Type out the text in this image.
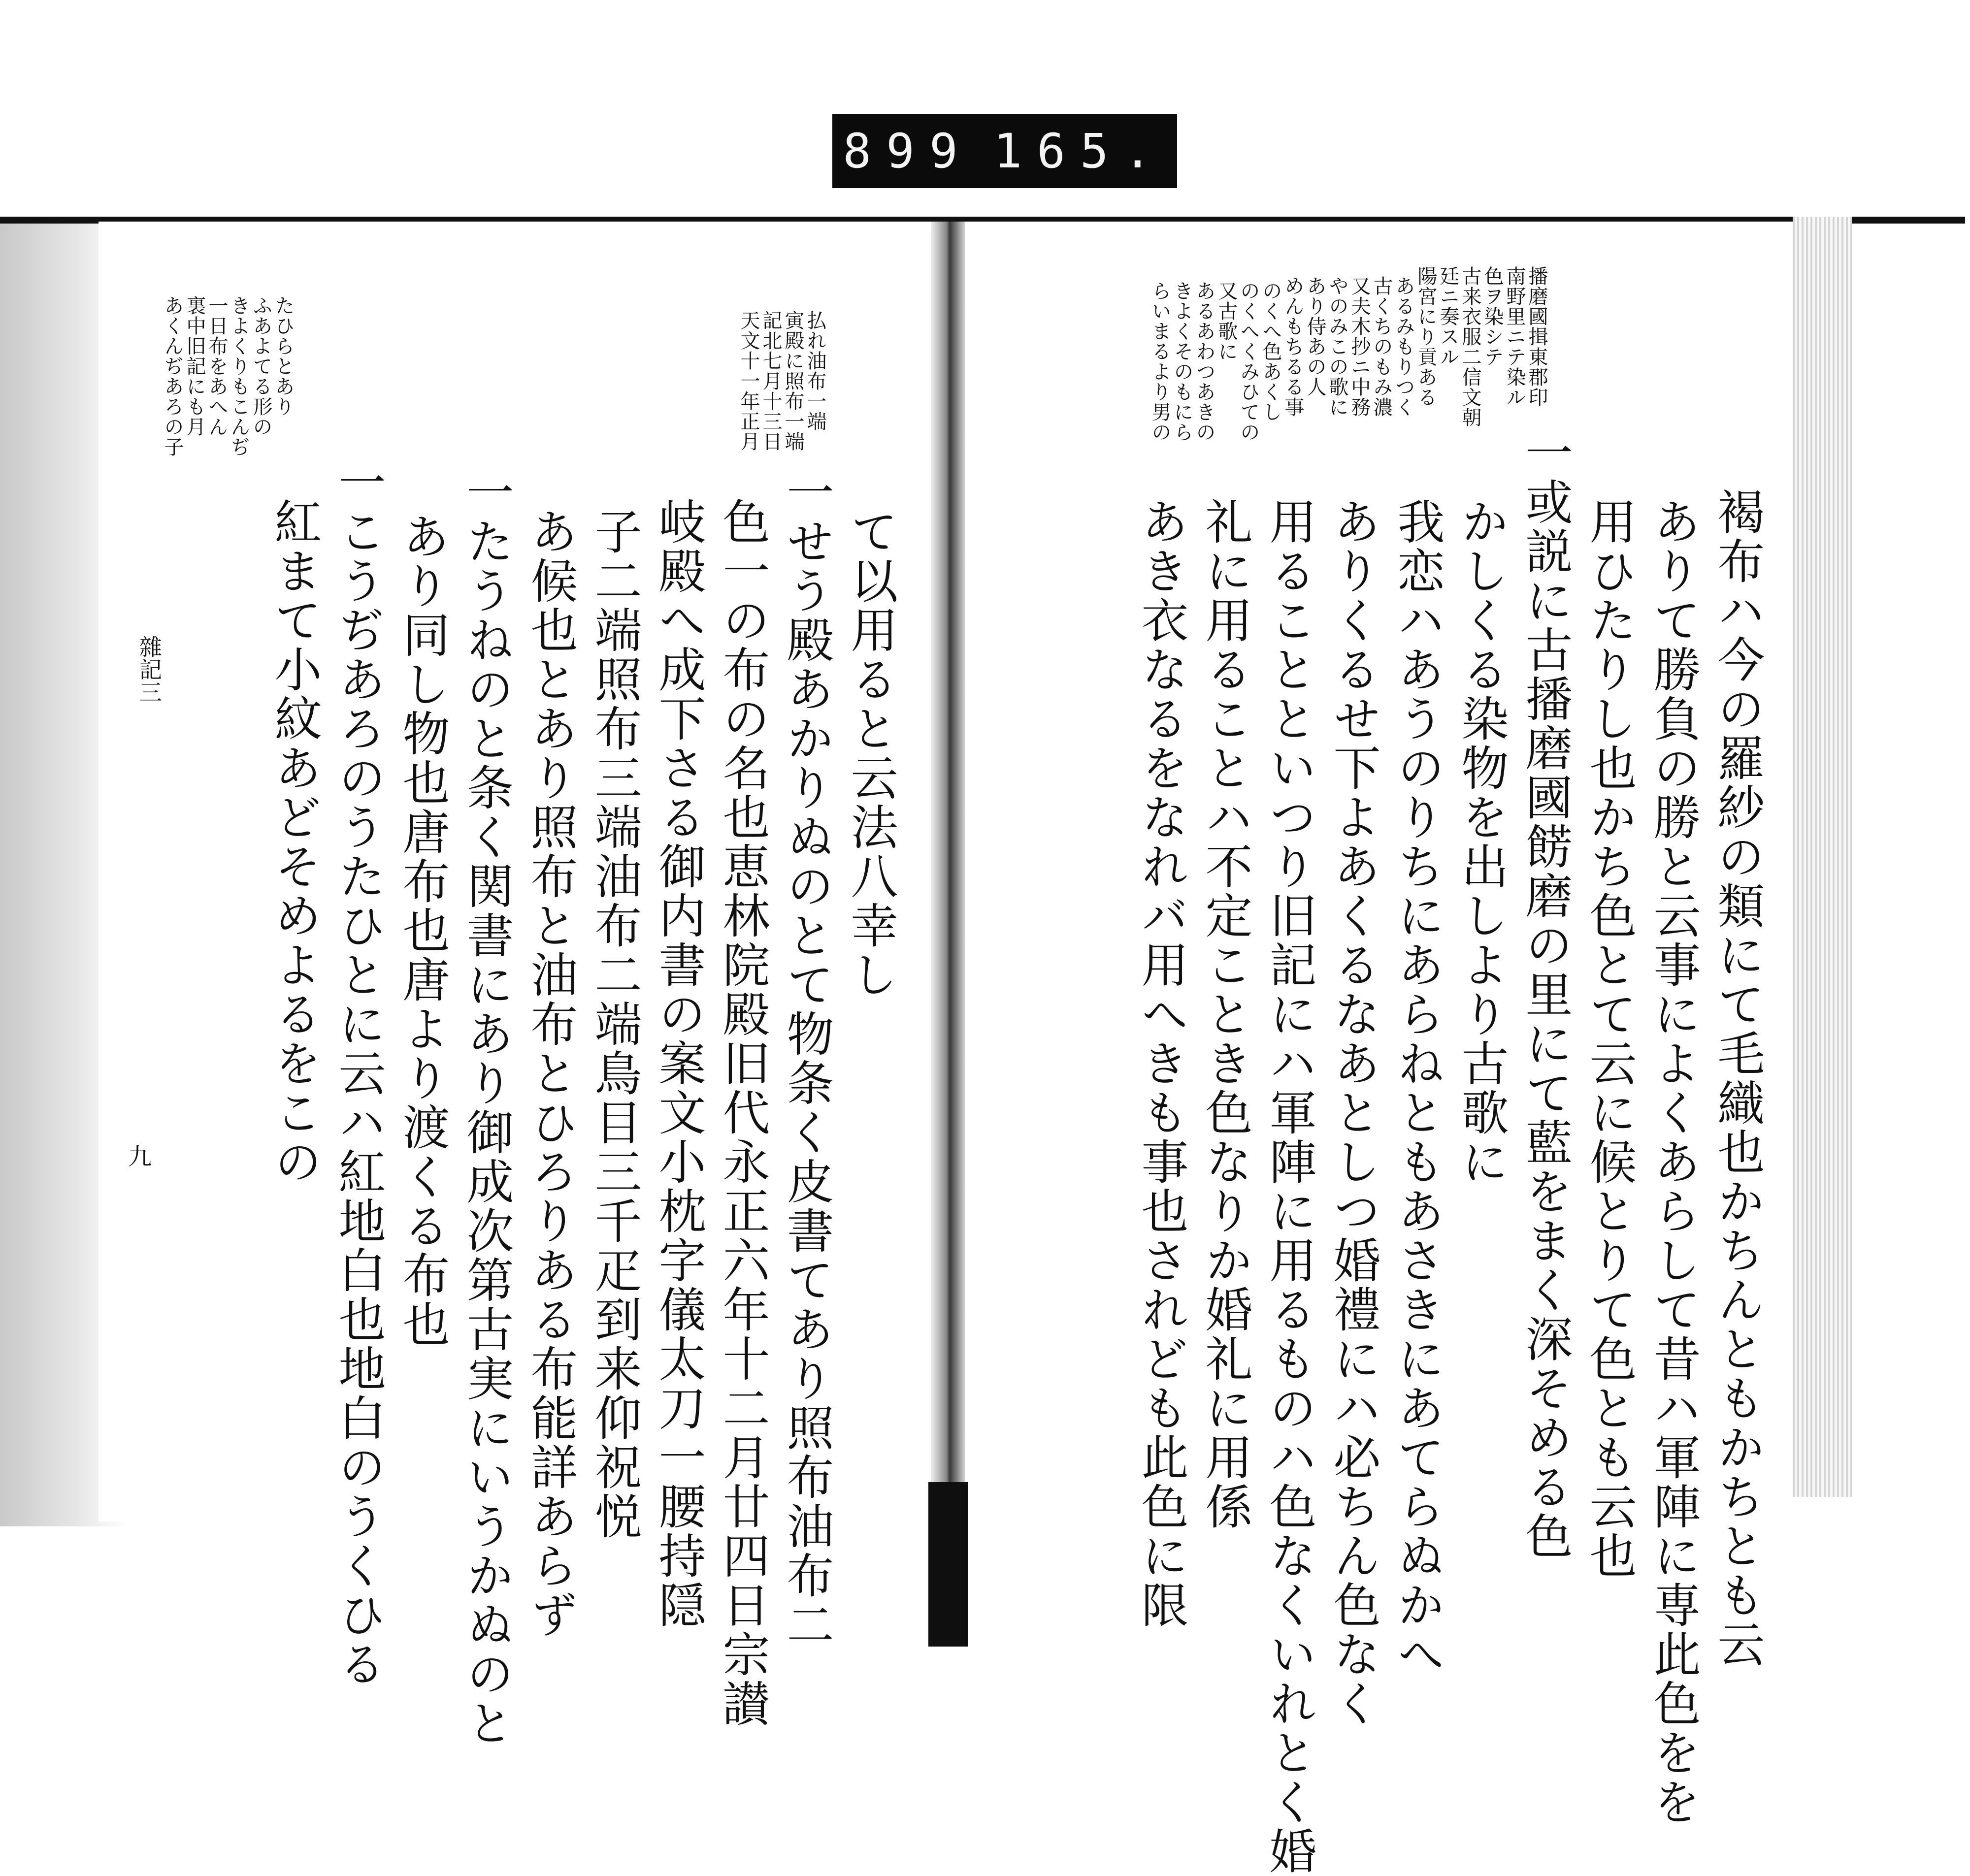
899 165.
雜記三
九
天文十一年正月 記北七月十三日 寅殿に照布一端 払れ油布一端
あくんぢあろの子 裏中旧記にも月 一日布をあへん きよくりもこんぢ ふあよてる形の たひらとあり
て以用ると云法八幸し
一せう殿あかりぬのとて物条く皮書てあり照布油布二
色一の布の名也恵林院殿旧代永正六年十二月廿四日宗讃
岐殿へ成下さる御内書の案文小枕字儀太刀一腰持隠
子二端照布三端油布二端鳥目三千疋到来仰祝悦
あ候也とあり照布と油布とひろりある布能詳あらず
一たうねのと条く関書にあり御成次第古実にいうかぬのと
あり同し物也唐布也唐より渡くる布也
一こうぢあろのうたひとに云ハ紅地白也地白のうくひる
紅まて小紋あどそめよるをこの
播磨國揖東郡印
南野里ニテ染ル
色ヲ染シテ
古来衣服二信文朝
廷ニ奏スル
陽宮にり貢ある
あるみもりつく
古くちのもみ濃
又夫木抄ニ中務
やのみこの歌に
あり侍あの人
めんもちるる事
のくへ色あくし
のくへくみひての
又古歌に
あるあわつあきの
きよくそのもにら
らいまるより男の
褐布ハ今の羅紗の類にて毛織也かちんともかちとも云
ありて勝負の勝と云事によくあらして昔ハ軍陣に専此色をを
用ひたりし也かち色とて云に候とりて色とも云也
一或説に古播磨國餝磨の里にて藍をまく深そめる色
かしくる染物を出しより古歌に
我恋ハあうのりちにあらねともあさきにあてらぬかへ
ありくるせ下よあくるなあとしつ婚禮にハ必ちん色なく
用ることといつり旧記にハ軍陣に用るものハ色なくいれとく婚
礼に用ることハ不定ことき色なりか婚礼に用係
あき衣なるをなれバ用へきも事也されども此色に限
